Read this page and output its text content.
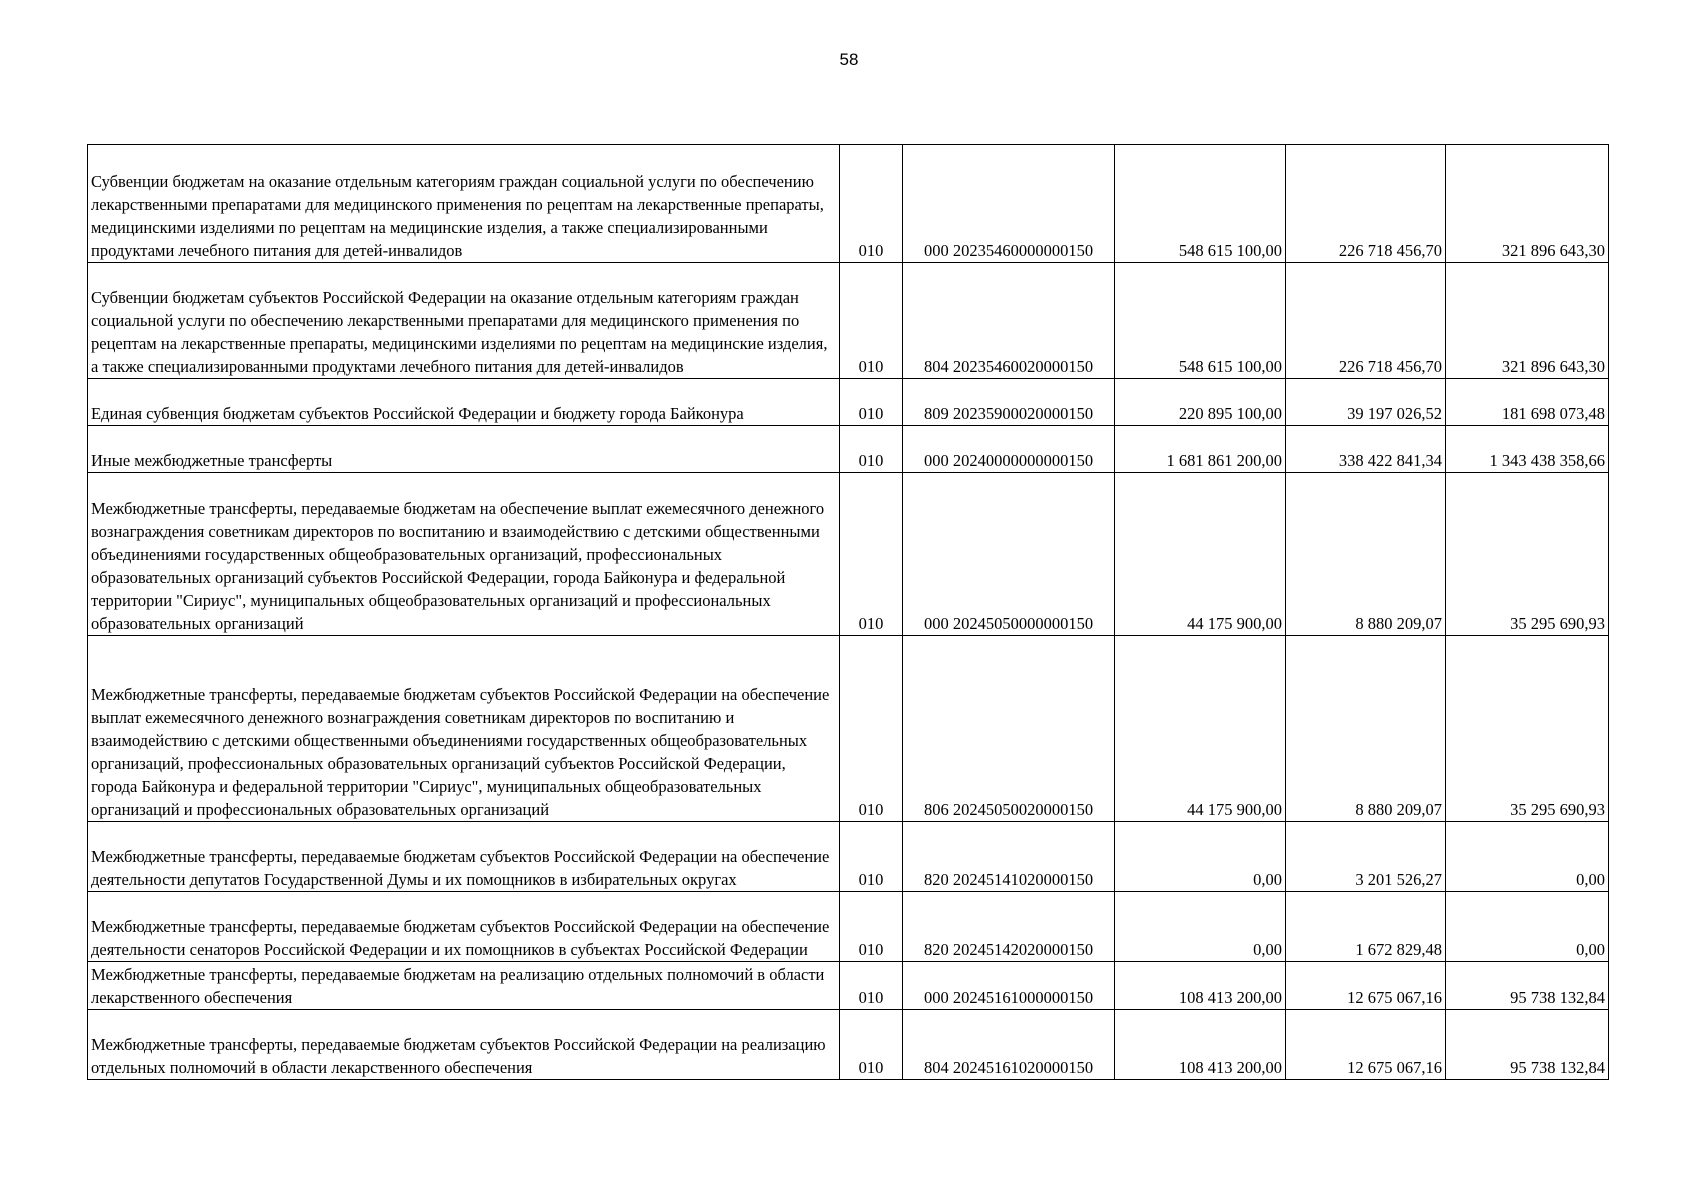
58
Субвенции бюджетам на оказание отдельным категориям граждан социальной услуги по обеспечению лекарственными препаратами для медицинского применения по рецептам на лекарственные препараты, медицинскими изделиями по рецептам на медицинские изделия, а также специализированными продуктами лечебного питания для детей-инвалидов	010	000 20235460000000150	548 615 100,00	226 718 456,70	321 896 643,30
Субвенции бюджетам субъектов Российской Федерации на оказание отдельным категориям граждан социальной услуги по обеспечению лекарственными препаратами для медицинского применения по рецептам на лекарственные препараты, медицинскими изделиями по рецептам на медицинские изделия, а также специализированными продуктами лечебного питания для детей-инвалидов	010	804 20235460020000150	548 615 100,00	226 718 456,70	321 896 643,30
Единая субвенция бюджетам субъектов Российской Федерации и бюджету города Байконура	010	809 20235900020000150	220 895 100,00	39 197 026,52	181 698 073,48
Иные межбюджетные трансферты	010	000 20240000000000150	1 681 861 200,00	338 422 841,34	1 343 438 358,66
Межбюджетные трансферты, передаваемые бюджетам на обеспечение выплат ежемесячного денежного вознаграждения советникам директоров по воспитанию и взаимодействию с детскими общественными объединениями государственных общеобразовательных организаций, профессиональных образовательных организаций субъектов Российской Федерации, города Байконура и федеральной территории "Сириус", муниципальных общеобразовательных организаций и профессиональных образовательных организаций	010	000 20245050000000150	44 175 900,00	8 880 209,07	35 295 690,93
Межбюджетные трансферты, передаваемые бюджетам субъектов Российской Федерации на обеспечение выплат ежемесячного денежного вознаграждения советникам директоров по воспитанию и взаимодействию с детскими общественными объединениями государственных общеобразовательных организаций, профессиональных образовательных организаций субъектов Российской Федерации, города Байконура и федеральной территории "Сириус", муниципальных общеобразовательных организаций и профессиональных образовательных организаций	010	806 20245050020000150	44 175 900,00	8 880 209,07	35 295 690,93
Межбюджетные трансферты, передаваемые бюджетам субъектов Российской Федерации на обеспечение деятельности депутатов Государственной Думы и их помощников в избирательных округах	010	820 20245141020000150	0,00	3 201 526,27	0,00
Межбюджетные трансферты, передаваемые бюджетам субъектов Российской Федерации на обеспечение деятельности сенаторов Российской Федерации и их помощников в субъектах Российской Федерации	010	820 20245142020000150	0,00	1 672 829,48	0,00
Межбюджетные трансферты, передаваемые бюджетам на реализацию отдельных полномочий в области лекарственного обеспечения	010	000 20245161000000150	108 413 200,00	12 675 067,16	95 738 132,84
Межбюджетные трансферты, передаваемые бюджетам субъектов Российской Федерации на реализацию отдельных полномочий в области лекарственного обеспечения	010	804 20245161020000150	108 413 200,00	12 675 067,16	95 738 132,84
